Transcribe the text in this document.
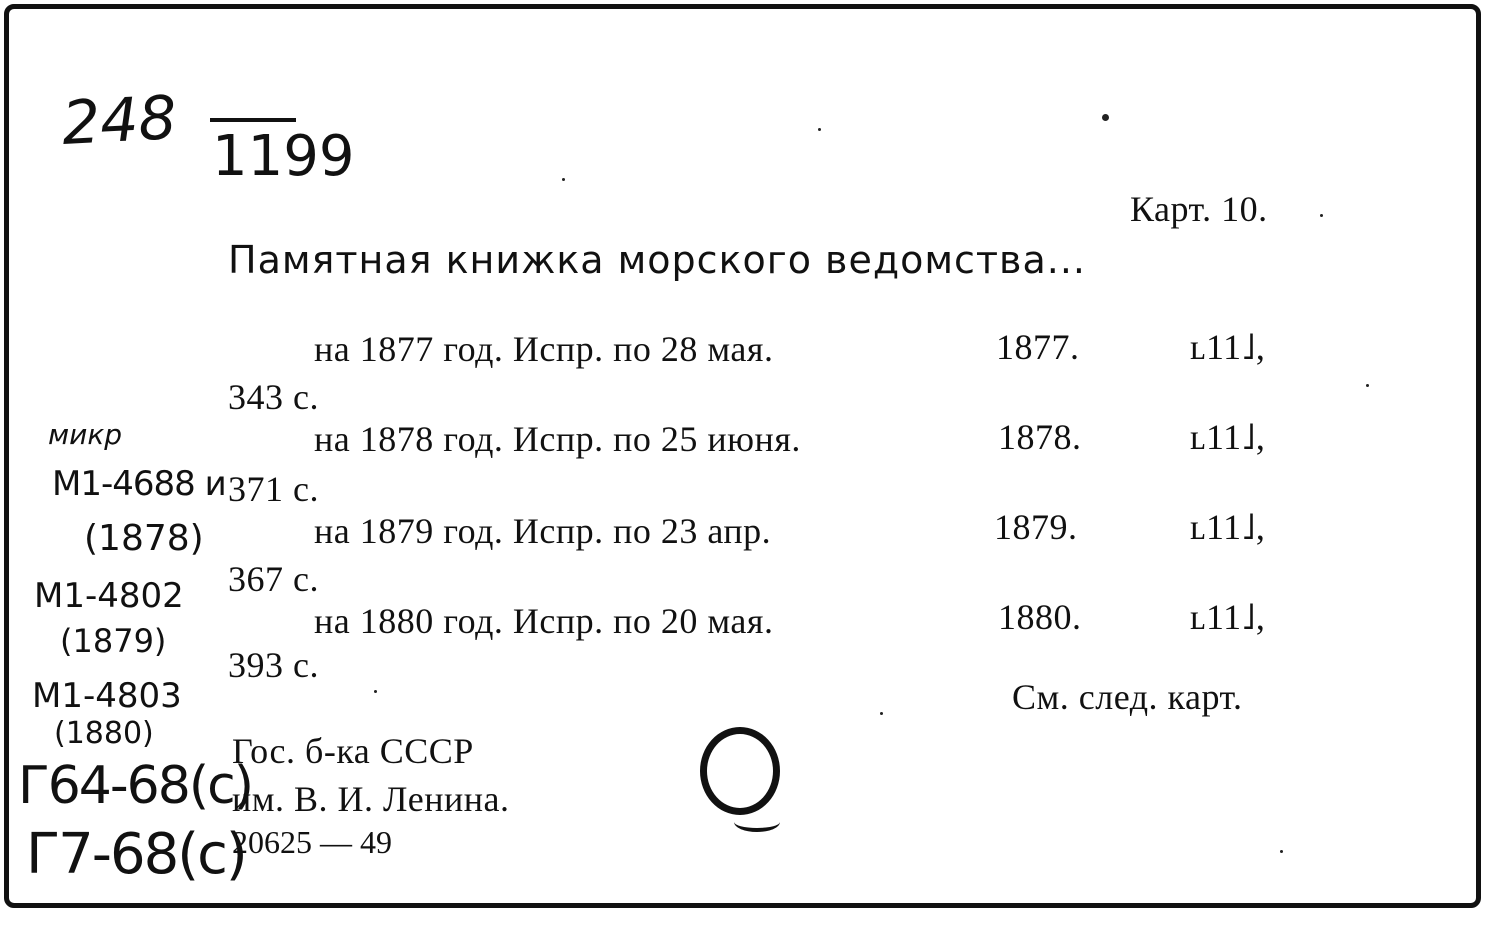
248 1199
Карт. 10.
Памятная книжка морского ведомства...
на 1877 год. Испр. по 28 мая.	1877.	ʟ11˩,
343 с.
на 1878 год. Испр. по 25 июня.	1878.	ʟ11˩,
371 с.
на 1879 год. Испр. по 23 апр.	1879.	ʟ11˩,
367 с.
на 1880 год. Испр. по 20 мая.	1880.	ʟ11˩,
393 с.
См. след. карт.
микр
М1-4688 и
(1878)
М1-4802
(1879)
М1-4803
(1880)
Г64-68(с)
Г7-68(с)
Гос. б-ка СССР
им. В. И. Ленина.
20625 — 49
